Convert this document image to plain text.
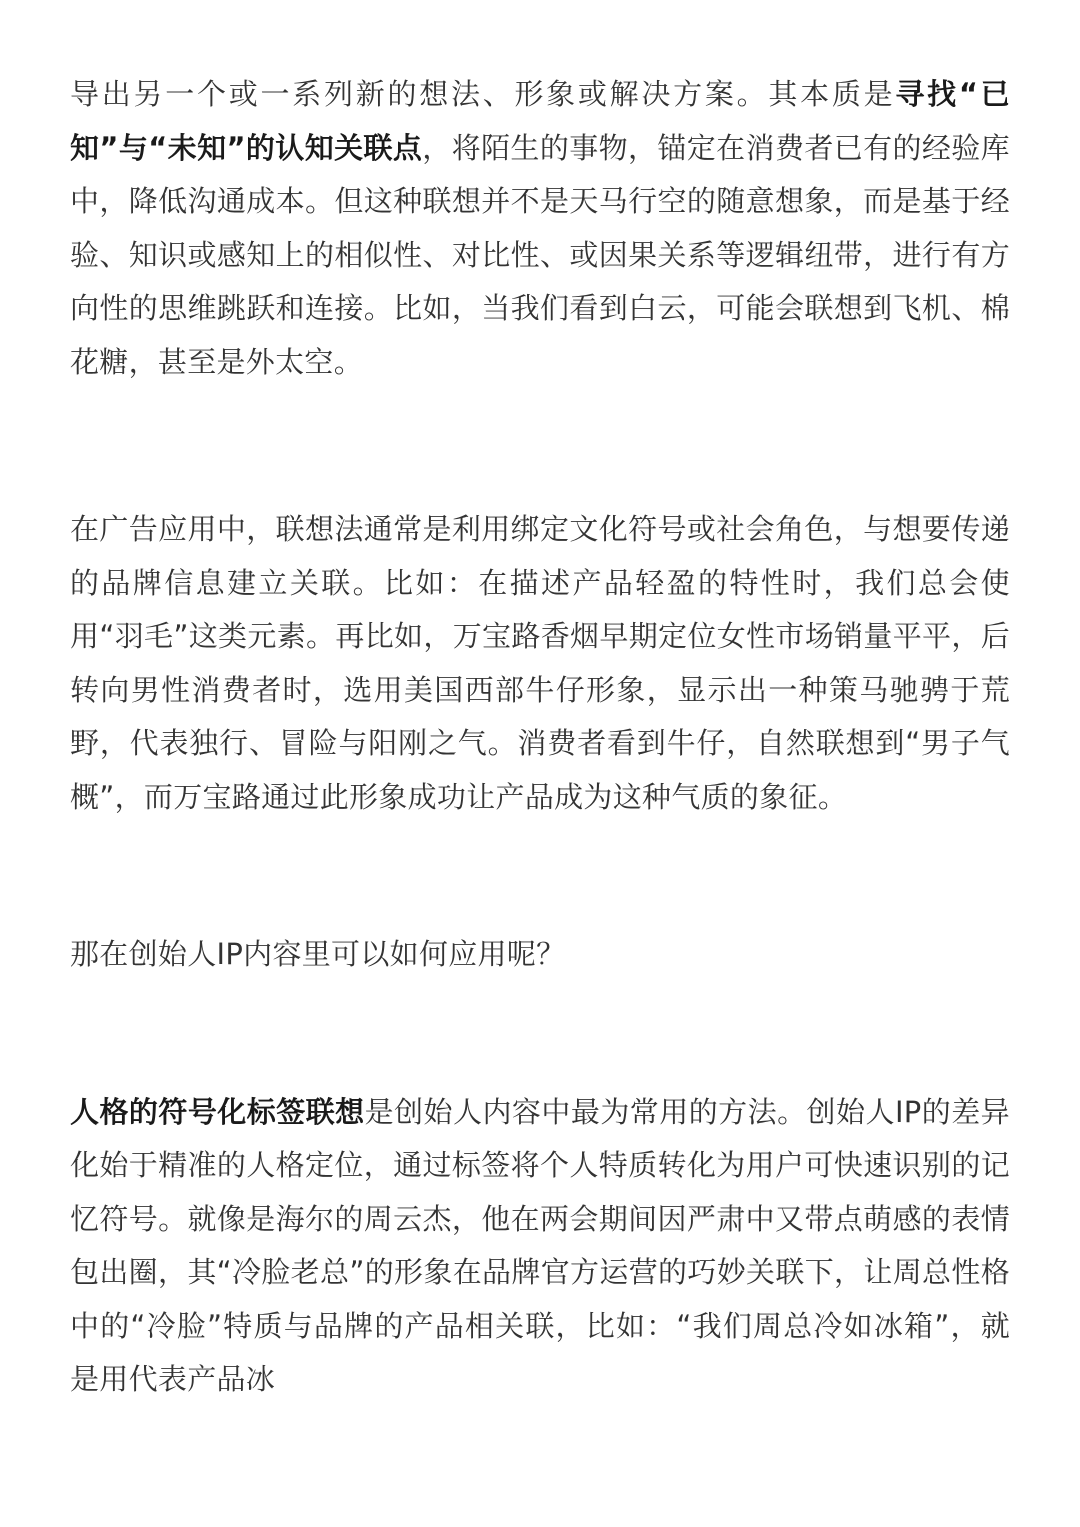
导出另一个或一系列新的想法、形象或解决方案。其本质是寻找“已知”与“未知”的认知关联点，将陌生的事物，锚定在消费者已有的经验库中，降低沟通成本。但这种联想并不是天马行空的随意想象，而是基于经验、知识或感知上的相似性、对比性、或因果关系等逻辑纽带，进行有方向性的思维跳跃和连接。比如，当我们看到白云，可能会联想到飞机、棉花糖，甚至是外太空。

在广告应用中，联想法通常是利用绑定文化符号或社会角色，与想要传递的品牌信息建立关联。比如：在描述产品轻盈的特性时，我们总会使用“羽毛”这类元素。再比如，万宝路香烟早期定位女性市场销量平平，后转向男性消费者时，选用美国西部牛仔形象，显示出一种策马驰骋于荒野，代表独行、冒险与阳刚之气。消费者看到牛仔，自然联想到“男子气概”，而万宝路通过此形象成功让产品成为这种气质的象征。

那在创始人IP内容里可以如何应用呢？

人格的符号化标签联想是创始人内容中最为常用的方法。创始人IP的差异化始于精准的人格定位，通过标签将个人特质转化为用户可快速识别的记忆符号。就像是海尔的周云杰，他在两会期间因严肃中又带点萌感的表情包出圈，其“冷脸老总”的形象在品牌官方运营的巧妙关联下，让周总性格中的“冷脸”特质与品牌的产品相关联，比如：“我们周总冷如冰箱”，就是用代表产品冰
